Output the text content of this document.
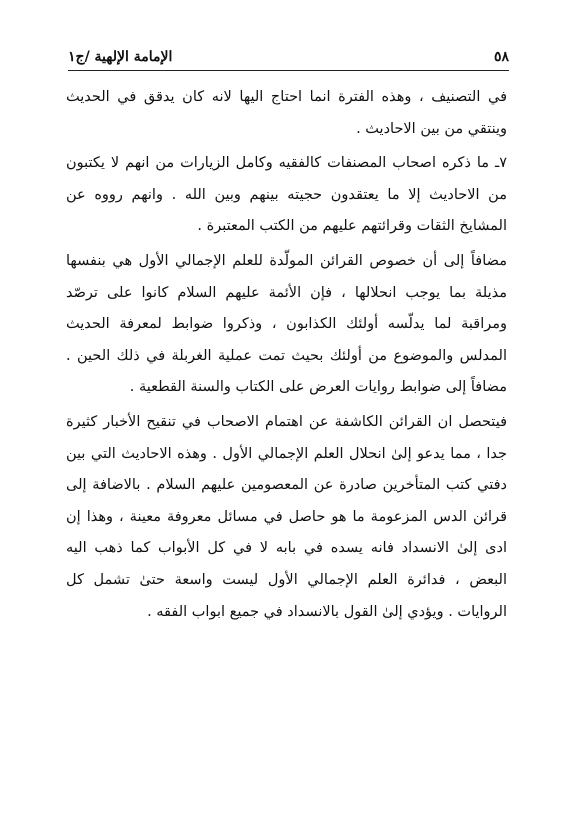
٥٨
الإمامة الإلهية /ج١

في التصنيف ، وهذه الفترة انما احتاج اليها لانه كان يدقق في الحديث وينتقي من بين الاحاديث .

٧ـ ما ذكره اصحاب المصنفات كالفقيه وكامل الزيارات من انهم لا يكتبون من الاحاديث إلا ما يعتقدون حجيته بينهم وبين الله . وانهم رووه عن المشايخ الثقات وقرائتهم عليهم من الكتب المعتبرة .

مضافاً إلى أن خصوص القرائن المولّدة للعلم الإجمالي الأول هي بنفسها مذيلة بما يوجب انحلالها ، فإن الأئمة عليهم السلام كانوا على ترصّد ومراقبة لما يدلّسه أولئك الكذابون ، وذكروا ضوابط لمعرفة الحديث المدلس والموضوع من أولئك بحيث تمت عملية الغربلة في ذلك الحين . مضافاً إلى ضوابط روايات العرض على الكتاب والسنة القطعية .

فيتحصل ان القرائن الكاشفة عن اهتمام الاصحاب في تنقيح الأخبار كثيرة جدا ، مما يدعو إلىٰ انحلال العلم الإجمالي الأول . وهذه الاحاديث التي بين دفتي كتب المتأخرين صادرة عن المعصومين عليهم السلام . بالاضافة إلى قرائن الدس المزعومة ما هو حاصل في مسائل معروفة معينة ، وهذا إن ادى إلىٰ الانسداد فانه يسده في بابه لا في كل الأبواب كما ذهب اليه البعض ، فدائرة العلم الإجمالي الأول ليست واسعة حتىٰ تشمل كل الروايات . ويؤدي إلىٰ القول بالانسداد في جميع ابواب الفقه .
